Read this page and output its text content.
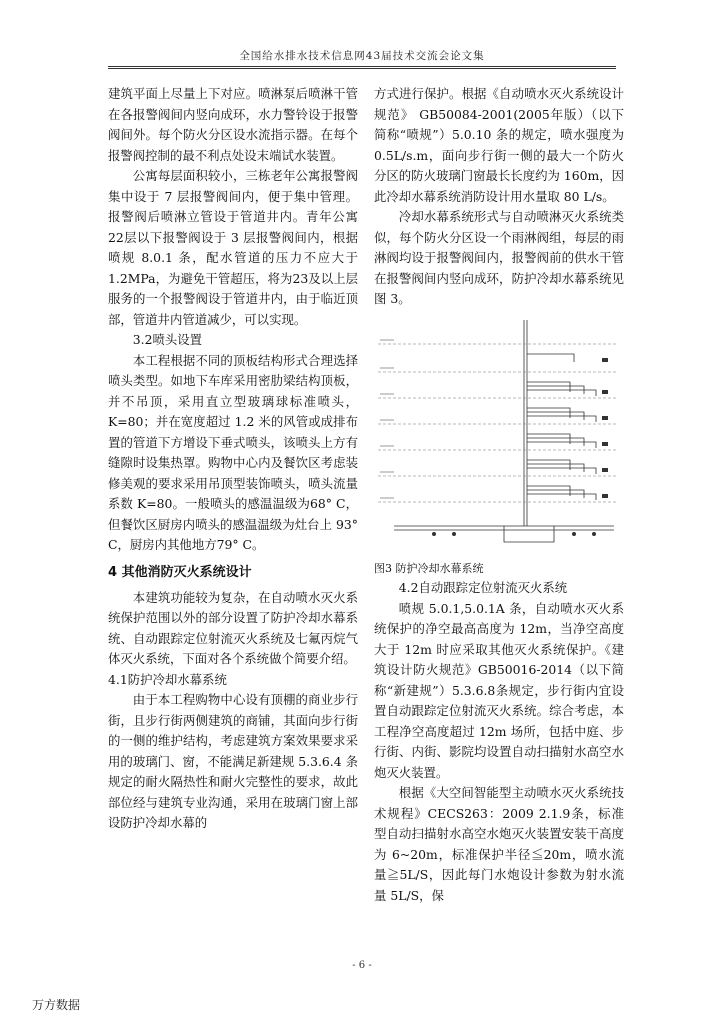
全国给水排水技术信息网43届技术交流会论文集

建筑平面上尽量上下对应。喷淋泵后喷淋干管在各报警阀间内竖向成环，水力警铃设于报警阀间外。每个防火分区设水流指示器。在每个报警阀控制的最不利点处设末端试水装置。

公寓每层面积较小，三栋老年公寓报警阀集中设于 7 层报警阀间内，便于集中管理。报警阀后喷淋立管设于管道井内。青年公寓22层以下报警阀设于 3 层报警阀间内，根据喷规 8.0.1 条，配水管道的压力不应大于1.2MPa，为避免干管超压，将为23及以上层服务的一个报警阀设于管道井内，由于临近顶部，管道井内管道减少，可以实现。

3.2喷头设置

本工程根据不同的顶板结构形式合理选择喷头类型。如地下车库采用密肋梁结构顶板，并不吊顶，采用直立型玻璃球标准喷头，K=80；并在宽度超过 1.2 米的风管或成排布置的管道下方增设下垂式喷头，该喷头上方有缝隙时设集热罩。购物中心内及餐饮区考虑装修美观的要求采用吊顶型装饰喷头，喷头流量系数 K=80。一般喷头的感温温级为68° C，但餐饮区厨房内喷头的感温温级为灶台上 93° C，厨房内其他地方79° C。

4 其他消防灭火系统设计

本建筑功能较为复杂，在自动喷水灭火系统保护范围以外的部分设置了防护冷却水幕系统、自动跟踪定位射流灭火系统及七氟丙烷气体灭火系统，下面对各个系统做个简要介绍。

4.1防护冷却水幕系统

由于本工程购物中心设有顶棚的商业步行街，且步行街两侧建筑的商铺，其面向步行街的一侧的维护结构，考虑建筑方案效果要求采用的玻璃门、窗，不能满足新建规 5.3.6.4 条规定的耐火隔热性和耐火完整性的要求，故此部位经与建筑专业沟通，采用在玻璃门窗上部设防护冷却水幕的

方式进行保护。根据《自动喷水灭火系统设计规范》 GB50084-2001(2005年版）（以下简称“喷规”）5.0.10 条的规定，喷水强度为 0.5L/s.m，面向步行街一侧的最大一个防火分区的防火玻璃门窗最长长度约为 160m，因此冷却水幕系统消防设计用水量取 80 L/s。

冷却水幕系统形式与自动喷淋灭火系统类似，每个防火分区设一个雨淋阀组，每层的雨淋阀均设于报警阀间内，报警阀前的供水干管在报警阀间内竖向成环，防护冷却水幕系统见图 3。

图3 防护冷却水幕系统

4.2自动跟踪定位射流灭火系统

喷规 5.0.1,5.0.1A 条，自动喷水灭火系统保护的净空最高高度为 12m，当净空高度大于 12m 时应采取其他灭火系统保护。《建筑设计防火规范》GB50016-2014（以下简称“新建规”）5.3.6.8条规定，步行街内宜设置自动跟踪定位射流灭火系统。综合考虑，本工程净空高度超过 12m 场所，包括中庭、步行街、内街、影院均设置自动扫描射水高空水炮灭火装置。

根据《大空间智能型主动喷水灭火系统技术规程》CECS263：2009 2.1.9条，标准型自动扫描射水高空水炮灭火装置安装干高度为 6~20m，标准保护半径≦20m，喷水流量≧5L/S，因此每门水炮设计参数为射水流量 5L/S，保

- 6 -
万方数据
